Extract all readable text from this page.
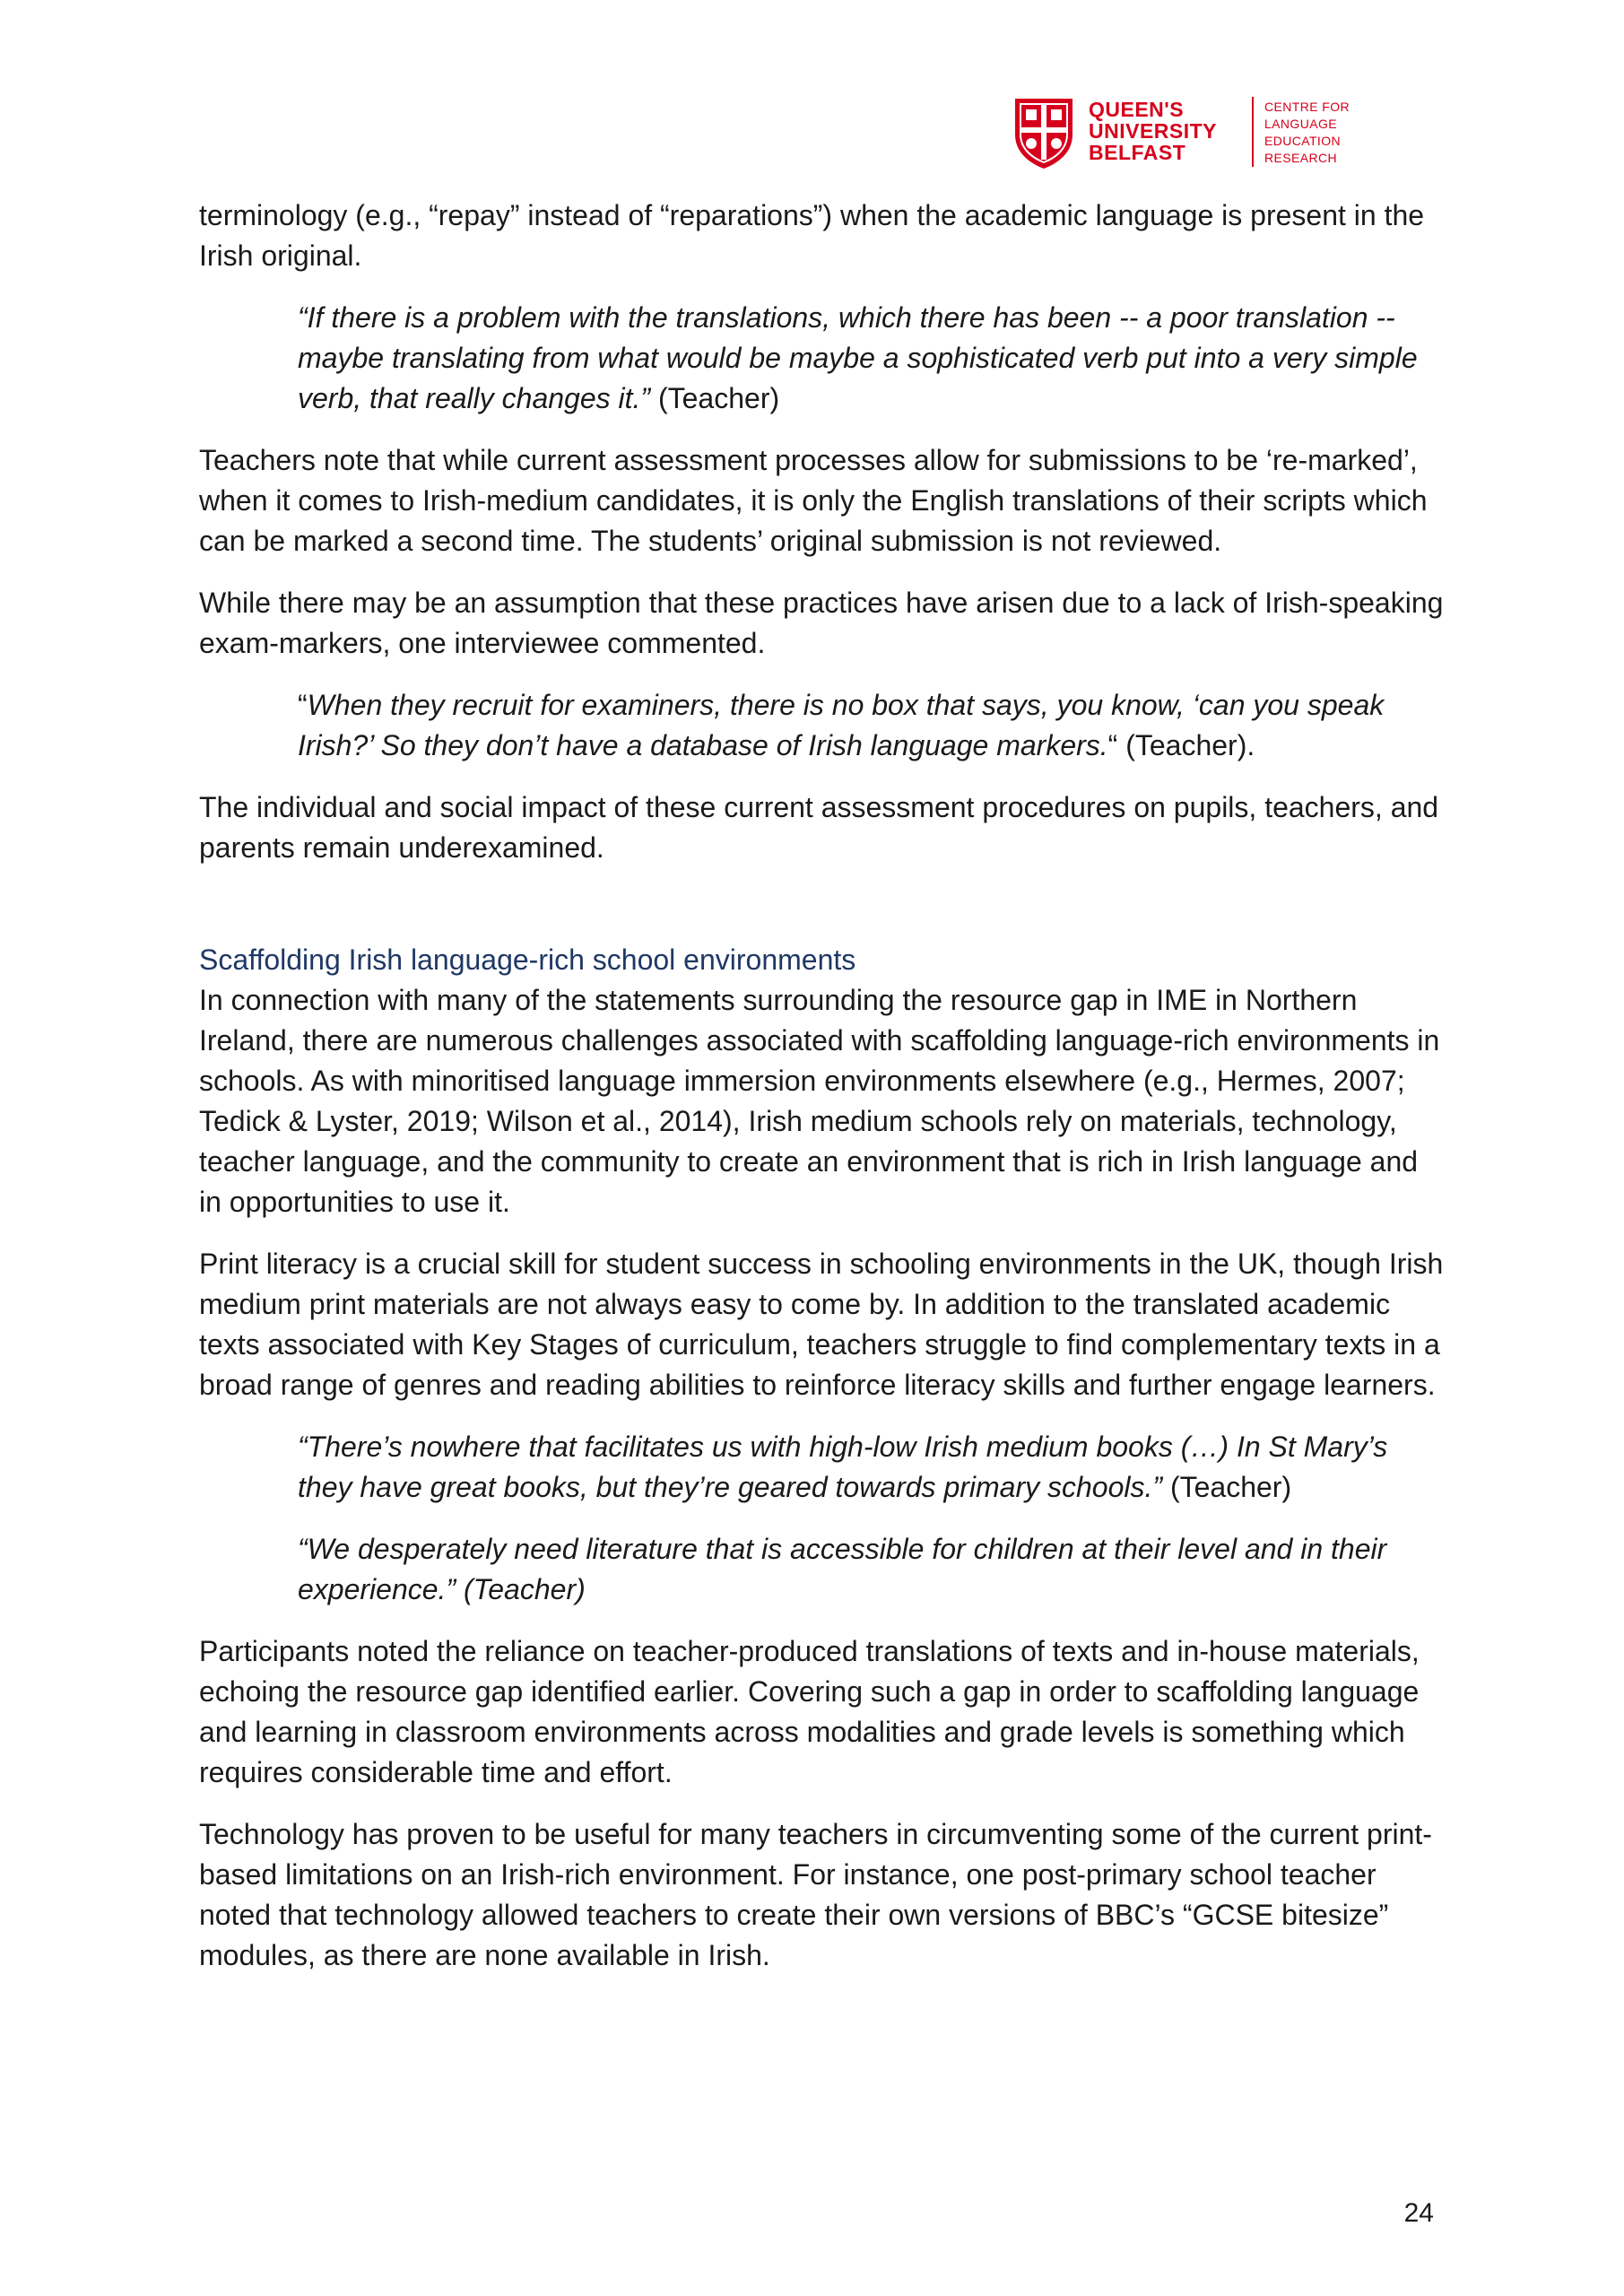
QUEEN'S
UNIVERSITY
BELFAST
CENTRE FOR
LANGUAGE
EDUCATION
RESEARCH

terminology (e.g., “repay” instead of “reparations”) when the academic language is present in the Irish original.

“If there is a problem with the translations, which there has been -- a poor translation -- maybe translating from what would be maybe a sophisticated verb put into a very simple verb, that really changes it.” (Teacher)

Teachers note that while current assessment processes allow for submissions to be ‘re-marked’, when it comes to Irish-medium candidates, it is only the English translations of their scripts which can be marked a second time. The students’ original submission is not reviewed.

While there may be an assumption that these practices have arisen due to a lack of Irish-speaking exam-markers, one interviewee commented.

“When they recruit for examiners, there is no box that says, you know, ‘can you speak Irish?’ So they don’t have a database of Irish language markers.“ (Teacher).

The individual and social impact of these current assessment procedures on pupils, teachers, and parents remain underexamined.

Scaffolding Irish language-rich school environments

In connection with many of the statements surrounding the resource gap in IME in Northern Ireland, there are numerous challenges associated with scaffolding language-rich environments in schools. As with minoritised language immersion environments elsewhere (e.g., Hermes, 2007; Tedick & Lyster, 2019; Wilson et al., 2014), Irish medium schools rely on materials, technology, teacher language, and the community to create an environment that is rich in Irish language and in opportunities to use it.

Print literacy is a crucial skill for student success in schooling environments in the UK, though Irish medium print materials are not always easy to come by. In addition to the translated academic texts associated with Key Stages of curriculum, teachers struggle to find complementary texts in a broad range of genres and reading abilities to reinforce literacy skills and further engage learners.

“There’s nowhere that facilitates us with high-low Irish medium books (…) In St Mary’s they have great books, but they’re geared towards primary schools.” (Teacher)

“We desperately need literature that is accessible for children at their level and in their experience.” (Teacher)

Participants noted the reliance on teacher-produced translations of texts and in-house materials, echoing the resource gap identified earlier. Covering such a gap in order to scaffolding language and learning in classroom environments across modalities and grade levels is something which requires considerable time and effort.

Technology has proven to be useful for many teachers in circumventing some of the current print-based limitations on an Irish-rich environment. For instance, one post-primary school teacher noted that technology allowed teachers to create their own versions of BBC’s “GCSE bitesize” modules, as there are none available in Irish.

24
